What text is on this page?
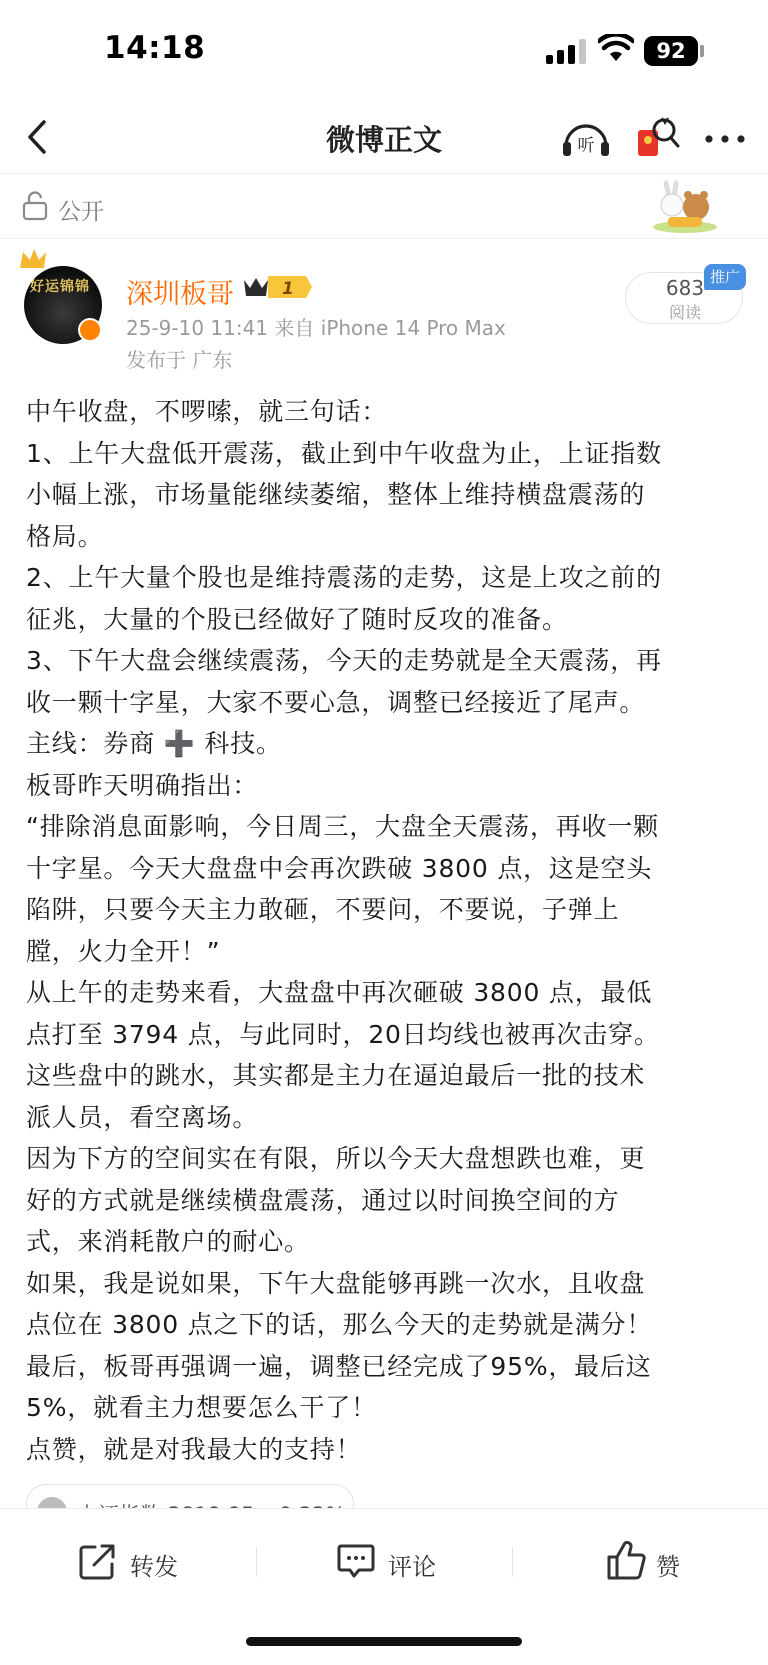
14:18	92
微博正文	听
公开
好运锦锦 深圳板哥	1
25-9-10 11:41 来自 iPhone 14 Pro Max
发布于 广东
683
阅读
推广
中午收盘，不啰嗦，就三句话：
1、上午大盘低开震荡，截止到中午收盘为止，上证指数
小幅上涨，市场量能继续萎缩，整体上维持横盘震荡的
格局。
2、上午大量个股也是维持震荡的走势，这是上攻之前的
征兆，大量的个股已经做好了随时反攻的准备。
3、下午大盘会继续震荡，今天的走势就是全天震荡，再
收一颗十字星，大家不要心急，调整已经接近了尾声。
主线：券商 ➕ 科技。
板哥昨天明确指出：
“排除消息面影响，今日周三，大盘全天震荡，再收一颗
十字星。今天大盘盘中会再次跌破 3800 点，这是空头
陷阱，只要今天主力敢砸，不要问，不要说，子弹上
膛，火力全开！”
从上午的走势来看，大盘盘中再次砸破 3800 点，最低
点打至 3794 点，与此同时，20日均线也被再次击穿。
这些盘中的跳水，其实都是主力在逼迫最后一批的技术
派人员，看空离场。
因为下方的空间实在有限，所以今天大盘想跌也难，更
好的方式就是继续横盘震荡，通过以时间换空间的方
式，来消耗散户的耐心。
如果，我是说如果，下午大盘能够再跳一次水，且收盘
点位在 3800 点之下的话，那么今天的走势就是满分！
最后，板哥再强调一遍，调整已经完成了95%，最后这
5%，就看主力想要怎么干了！
点赞，就是对我最大的支持！
转发	评论	赞
